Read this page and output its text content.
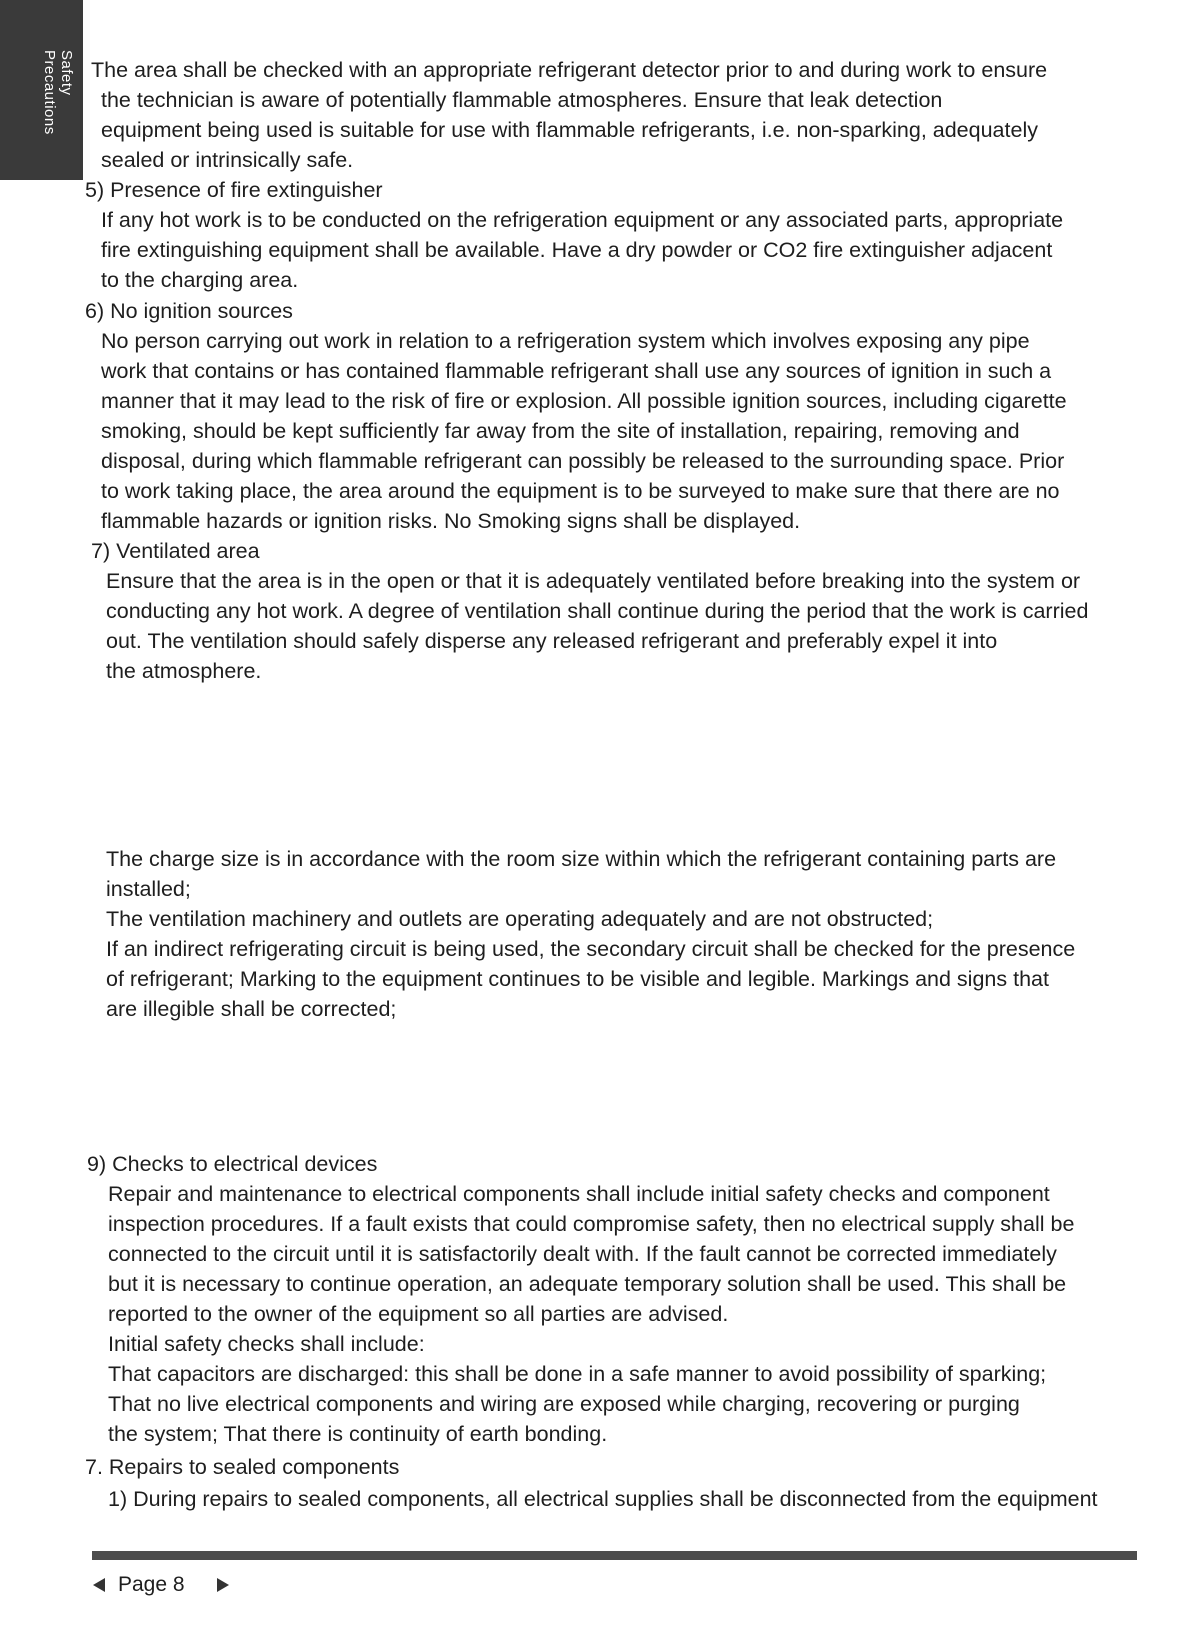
Safety
Precautions The area shall be checked with an appropriate refrigerant detector prior to and during work to ensure
the technician is aware of potentially flammable atmospheres. Ensure that leak detection
equipment being used is suitable for use with flammable refrigerants, i.e. non-sparking, adequately
sealed or intrinsically safe.
5) Presence of fire extinguisher
If any hot work is to be conducted on the refrigeration equipment or any associated parts, appropriate
fire extinguishing equipment shall be available. Have a dry powder or CO2 fire extinguisher adjacent
to the charging area.
6) No ignition sources
No person carrying out work in relation to a refrigeration system which involves exposing any pipe
work that contains or has contained flammable refrigerant shall use any sources of ignition in such a
manner that it may lead to the risk of fire or explosion. All possible ignition sources, including cigarette
smoking, should be kept sufficiently far away from the site of installation, repairing, removing and
disposal, during which flammable refrigerant can possibly be released to the surrounding space. Prior
to work taking place, the area around the equipment is to be surveyed to make sure that there are no
flammable hazards or ignition risks. No Smoking signs shall be displayed.
7) Ventilated area
Ensure that the area is in the open or that it is adequately ventilated before breaking into the system or
conducting any hot work. A degree of ventilation shall continue during the period that the work is carried
out. The ventilation should safely disperse any released refrigerant and preferably expel it into
the atmosphere.
The charge size is in accordance with the room size within which the refrigerant containing parts are
installed;
The ventilation machinery and outlets are operating adequately and are not obstructed;
If an indirect refrigerating circuit is being used, the secondary circuit shall be checked for the presence
of refrigerant; Marking to the equipment continues to be visible and legible. Markings and signs that
are illegible shall be corrected;
9) Checks to electrical devices
Repair and maintenance to electrical components shall include initial safety checks and component
inspection procedures. If a fault exists that could compromise safety, then no electrical supply shall be
connected to the circuit until it is satisfactorily dealt with. If the fault cannot be corrected immediately
but it is necessary to continue operation, an adequate temporary solution shall be used. This shall be
reported to the owner of the equipment so all parties are advised.
Initial safety checks shall include:
That capacitors are discharged: this shall be done in a safe manner to avoid possibility of sparking;
That no live electrical components and wiring are exposed while charging, recovering or purging
the system; That there is continuity of earth bonding.
7. Repairs to sealed components
1) During repairs to sealed components, all electrical supplies shall be disconnected from the equipment
Page 8
